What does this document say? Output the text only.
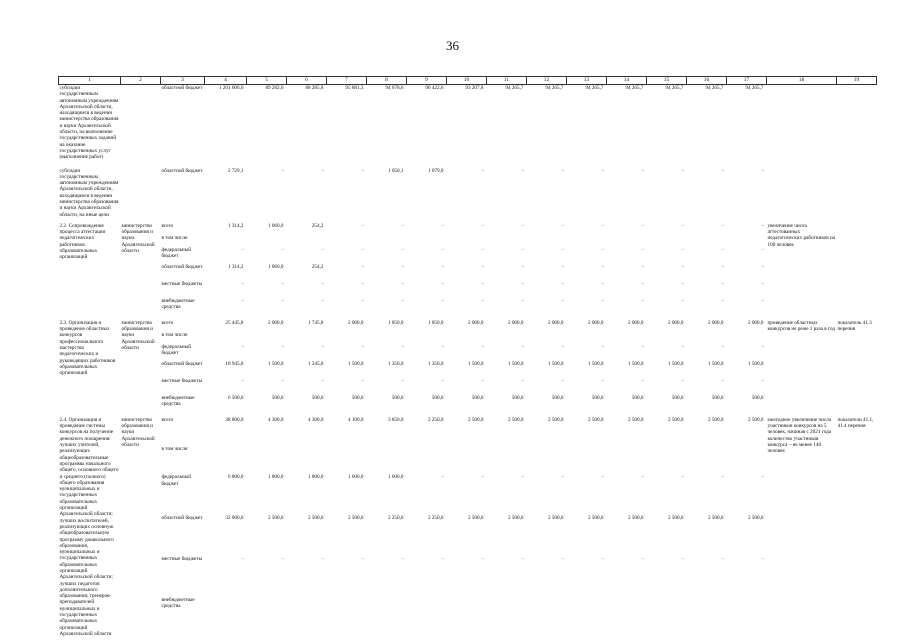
36
1	2	3	4	5	6	7	8	9	10	11	12	13	14	15	16	17	18	19
субсидии государственным автономным учреждениям Архангельской области, находящимся в ведении министерства образования и науки Архангельской области, на выполнение государственных заданий на оказание государственных услуг (выполнение работ)		областной бюджет	1 201 606,0	89 282,0	88 285,8	95 881,3	94 678,6	90 422,6	93 207,8	94 265,7	94 265,7	94 265,7	94 265,7	94 265,7	94 265,7	94 265,7		

субсидии государственным автономным учреждениям Архангельской области, находящимся в ведении министерства образования и науки Архангельской области, на иные цели		областной бюджет	2 729,1	-	-	-	1 650,1	1 079,0	-	-	-	-	-	-	-	-		

2.2. Сопровождение процесса аттестации педагогических работников образовательных организаций	министерство образования и науки Архангельской области	всего	1 314,2	1 060,0	254,2	-	-	-	-	-	-	-	-	-	-	-	увеличение числа аттестованных педагогических работников на 100 человек	
		в том числе:																
		федеральный бюджет	-	-	-	-	-	-	-	-	-	-	-	-	-	-		
		областной бюджет	1 314,2	1 060,0	254,2	-	-	-	-	-	-	-	-	-	-	-		
		местные бюджеты	-	-	-	-	-	-	-	-	-	-	-	-	-	-		
		внебюджетные средства	-	-	-	-	-	-	-	-	-	-	-	-	-	-		

2.3. Организация и проведение областных конкурсов профессионального мастерства педагогических и руководящих работников образовательных организаций	министерство образования и науки Архангельской области	всего	25 445,8	2 000,0	1 745,8	2 000,0	1 850,0	1 850,0	2 000,0	2 000,0	2 000,0	2 000,0	2 000,0	2 000,0	2 000,0	2 000,0	проведение областных конкурсов не реже 1 раза в год	показатель 41.3 перечня
		в том числе:																
		федеральный бюджет	-	-	-	-	-	-	-	-	-	-	-	-	-	-		
		областной бюджет	18 945,8	1 500,0	1 245,8	1 500,0	1 350,0	1 350,0	1 500,0	1 500,0	1 500,0	1 500,0	1 500,0	1 500,0	1 500,0	1 500,0		
		местные бюджеты	-	-	-	-	-	-	-	-	-	-	-	-	-	-		
		внебюджетные средства	6 500,0	500,0	500,0	500,0	500,0	500,0	500,0	500,0	500,0	500,0	500,0	500,0	500,0	500,0		

2.4. Организация и проведение системы конкурсов на получение денежного поощрения: лучших учителей, реализующих общеобразовательные программы начального общего, основного общего и среднего (полного) общего образования муниципальных и государственных образовательных организаций Архангельской области; лучших воспитателей, реализующих основную общеобразовательную программу дошкольного образования, муниципальных и государственных образовательных организаций Архангельской области; лучших педагогов дополнительного образования; тренеров-преподавателей муниципальных и государственных образовательных организаций Архангельской области	министерство образования и науки Архангельской области	всего	38 800,0	4 300,0	4 300,0	4 100,0	3 850,0	2 250,0	2 500,0	2 500,0	2 500,0	2 500,0	2 500,0	2 500,0	2 500,0	2 500,0	ежегодное увеличение числа участников конкурсов на 5 человек, начиная с 2021 года количество участников конкурса – не менее 140 человек	показатели 41.1, 41.4 перечня
		в том числе:																
		федеральный бюджет	6 800,0	1 800,0	1 800,0	1 600,0	1 600,0	-	-	-	-	-	-	-	-	-		
		областной бюджет	32 000,0	2 500,0	2 500,0	2 500,0	2 250,0	2 250,0	2 500,0	2 500,0	2 500,0	2 500,0	2 500,0	2 500,0	2 500,0	2 500,0		
		местные бюджеты	-	-	-	-	-	-	-	-	-	-	-	-	-	-		
		внебюджетные средства																
